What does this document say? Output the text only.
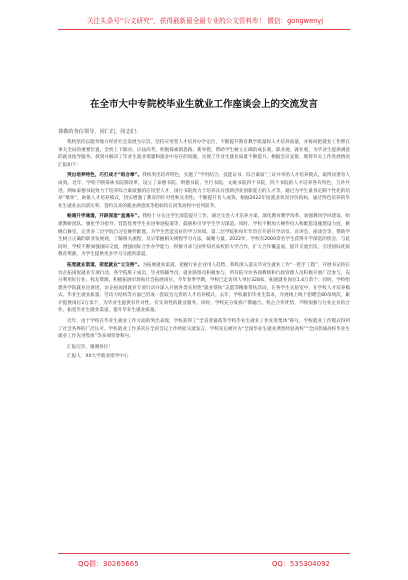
关注头条号“公文研究”，获得最新最全最专业的公文资料库！ 微信：gongwenyj
在全市大中专院校毕业生就业工作座谈会上的交流发言
尊敬的各位领导，同仁们，同志们：

我校坚持以服务地方经济社会发展为宗旨，坚持应用型人才培养办学定位，不断提升教育教学质量和人才培养质量，并协同把就业工作摆在事关全局的重要位置，全校上下联动、应届高考、积极探索新思路、新举措，帮助学生树立正确的成长观、职业观、就业观，为毕业生提供满意的就业指导服务，找到并解决了毕业生就业难题和就业中存在的问题，实现了毕业生就业质量不断提升。根据会议安排，现将有关工作进展情况汇报如下：

突出培养特色，巧打成才“组合拳”。我校突出培养特色，实施了“学用结合、技能证书、综合素质”三证并举的人才培养模式，取得显著育人成效。近年，学校不断探索书院制改革，设立了泰德书院、明德书院、至行书院、文航书院四个书院，四个书院的人才培养各有特色，互补共进。例如泰德书院致力于培养综合素质强的应用型人才，国行书院致力于培养具有创新创业创新能力的人才等，通过为学生量身定制个性化的培养“菜单”，助推人才培养模式，切实增强了教育的针对性和实用性。不断提升育人成效，根据2022年度就业状况评价指标，通过特色培养的毕业生就业去向落实率、签约以来的就业满意度等指标均在同类高校中名列前茅。

畅通升学通道，开辟深造“直通车”。我校十分关注学生深造提升工作，通过完善人才培养方案、深化教育教学改革、加强教风学风建设、组建教研团队、强化学习指导、营造优秀学生先进事迹报道等，鼓励和引导学生学习深造。同时，学校不断加大硬件投入和配套设施建设力度，修缮自修室，完善多二层学院自习室硬件配置，为学生营造良好的学习环境。第二层学院和每年年均召开的升学动员、宣讲会、座谈会等，帮助学生树立正确的职业发展观，了解相关流程，及早掌握相关规程学习方法，凝聚力量。2022年，学校有2000余名学生获得升学深造的机会，与此同时，学校不断加强国际交流，增强国际合作办学能力，积极寻求与国外知名高校的大学合作，扩大合作覆盖面，提升交流层次，引进国际优质教育资源，为学生提供更多学习交流的渠道。

拓宽就业渠道，架起就业“立交桥”。为拓展就业渠道，把握行业企业用人趋势，我校深入落实毕业生就业工作“一把手工程”，开展书记校长访企拓岗促就业专项行动，各学院班子成员，毕业班辅导员、就业联络员积极参与，所有院寻访各项教师和行政管理人员积极开展广泛参与，充分利用好行业、校友资源，积极拓展市场和社会拓展岗位。今年春季学期，学校已走访用人单位328家，拓展就业岗位1.4万余个；同时，学校组建各学院就业宣讲团，访企拓岗团就业专项行动并深入开展各类实用性“就业帮扶”志愿等精准帮扶活动，在各学生实验室中，在学校人才培养模式、毕业生就业质量、劳动力结构等方面已形成一套较为完善的人才培养模式。去年，学校紧扣毕业生需求，开展线上线下招聘会80余场次，累计提供岗位2万余个，为毕业生提供有针对性、有实效性的就业服务。同时，学校充分发挥产教融合、校企合作优势，不断加强与行业企业的合作，拓宽毕业生就业渠道，提升毕业生就业质量。

近年，由于学校在毕业生就业工作方面的突出表现，学校获得了“全省普通高等学校毕业生就业工作先进集体”称号，学校就业工作模式得到了社会各界的广泛认可。学校就业工作多次在全省会议上作经验交流发言，学校先后被评为“全国毕业生就业典型经验高校”“全国普通高校毕业生就业工作先进集体”等多项荣誉称号。

汇报完毕，谢谢各位！

汇报人：XX大学就业指导中心

QQ群：30265665	QQ：535304092
